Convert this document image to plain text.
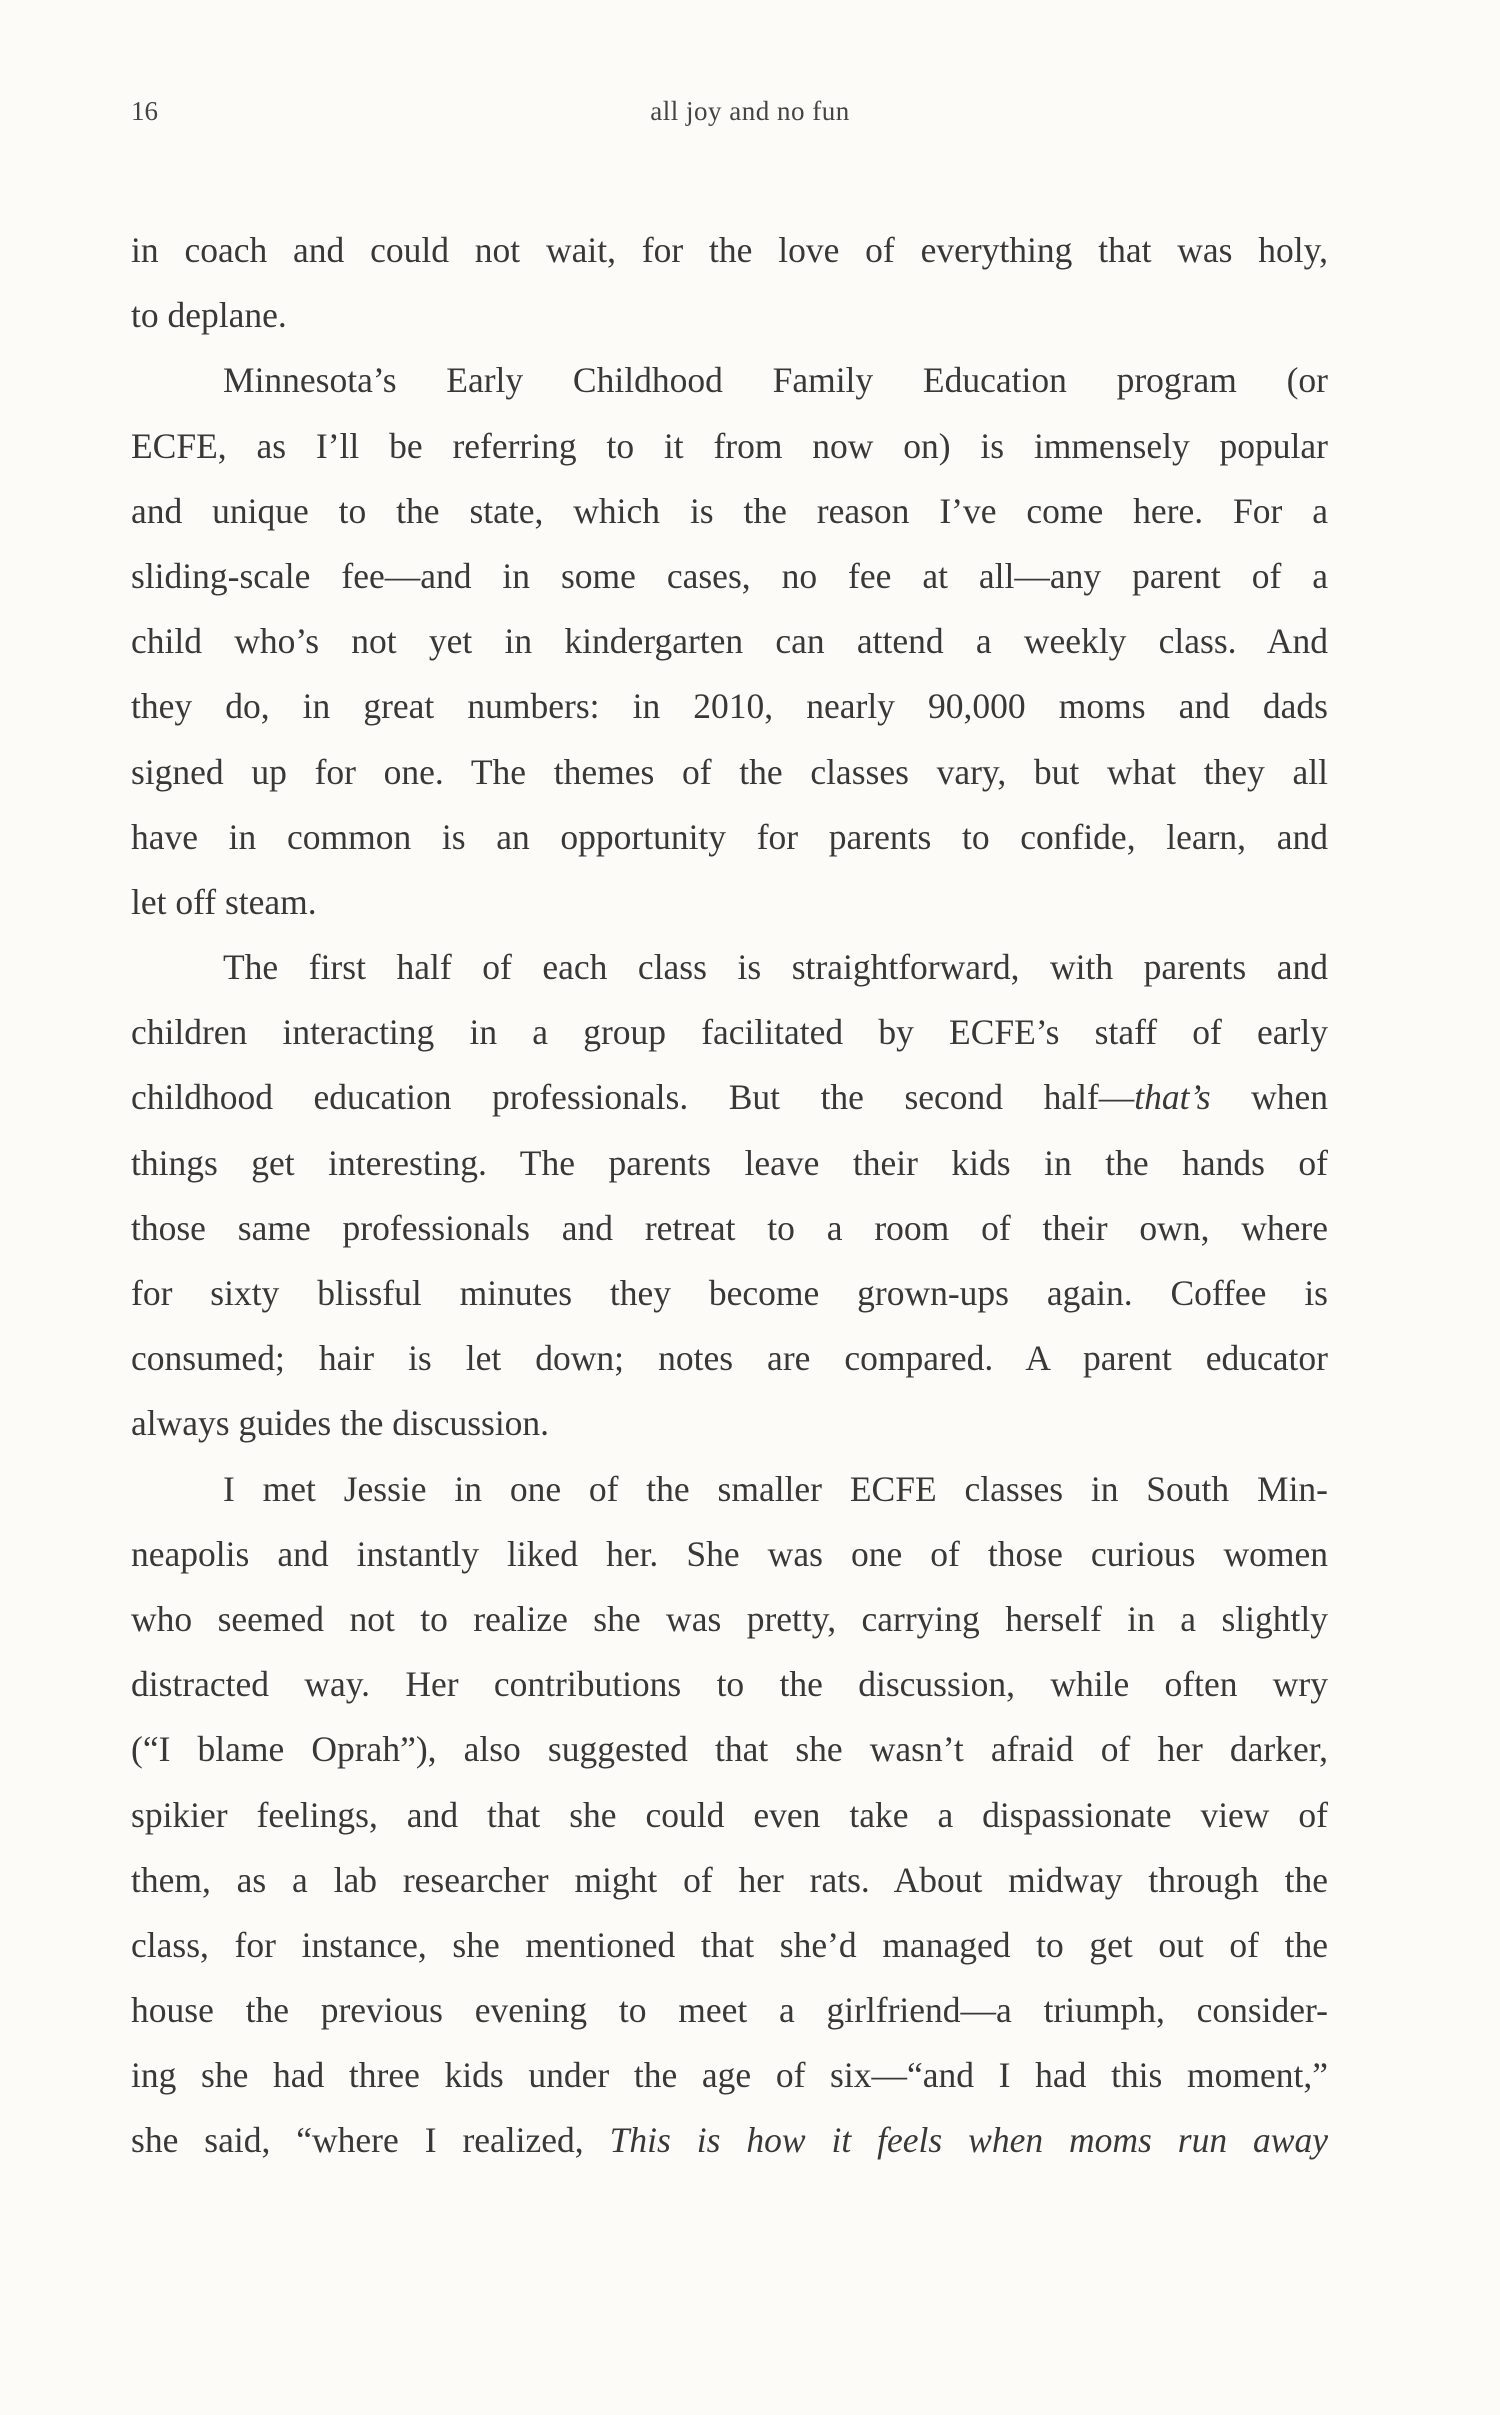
16	all joy and no fun
in coach and could not wait, for the love of everything that was holy,
to deplane.
Minnesota’s Early Childhood Family Education program (or
ECFE, as I’ll be referring to it from now on) is immensely popular
and unique to the state, which is the reason I’ve come here. For a
sliding-scale fee—and in some cases, no fee at all—any parent of a
child who’s not yet in kindergarten can attend a weekly class. And
they do, in great numbers: in 2010, nearly 90,000 moms and dads
signed up for one. The themes of the classes vary, but what they all
have in common is an opportunity for parents to confide, learn, and
let off steam.
The first half of each class is straightforward, with parents and
children interacting in a group facilitated by ECFE’s staff of early
childhood education professionals. But the second half—that’s when
things get interesting. The parents leave their kids in the hands of
those same professionals and retreat to a room of their own, where
for sixty blissful minutes they become grown-ups again. Coffee is
consumed; hair is let down; notes are compared. A parent educator
always guides the discussion.
I met Jessie in one of the smaller ECFE classes in South Min-
neapolis and instantly liked her. She was one of those curious women
who seemed not to realize she was pretty, carrying herself in a slightly
distracted way. Her contributions to the discussion, while often wry
(“I blame Oprah”), also suggested that she wasn’t afraid of her darker,
spikier feelings, and that she could even take a dispassionate view of
them, as a lab researcher might of her rats. About midway through the
class, for instance, she mentioned that she’d managed to get out of the
house the previous evening to meet a girlfriend—a triumph, consider-
ing she had three kids under the age of six—“and I had this moment,”
she said, “where I realized, This is how it feels when moms run away
